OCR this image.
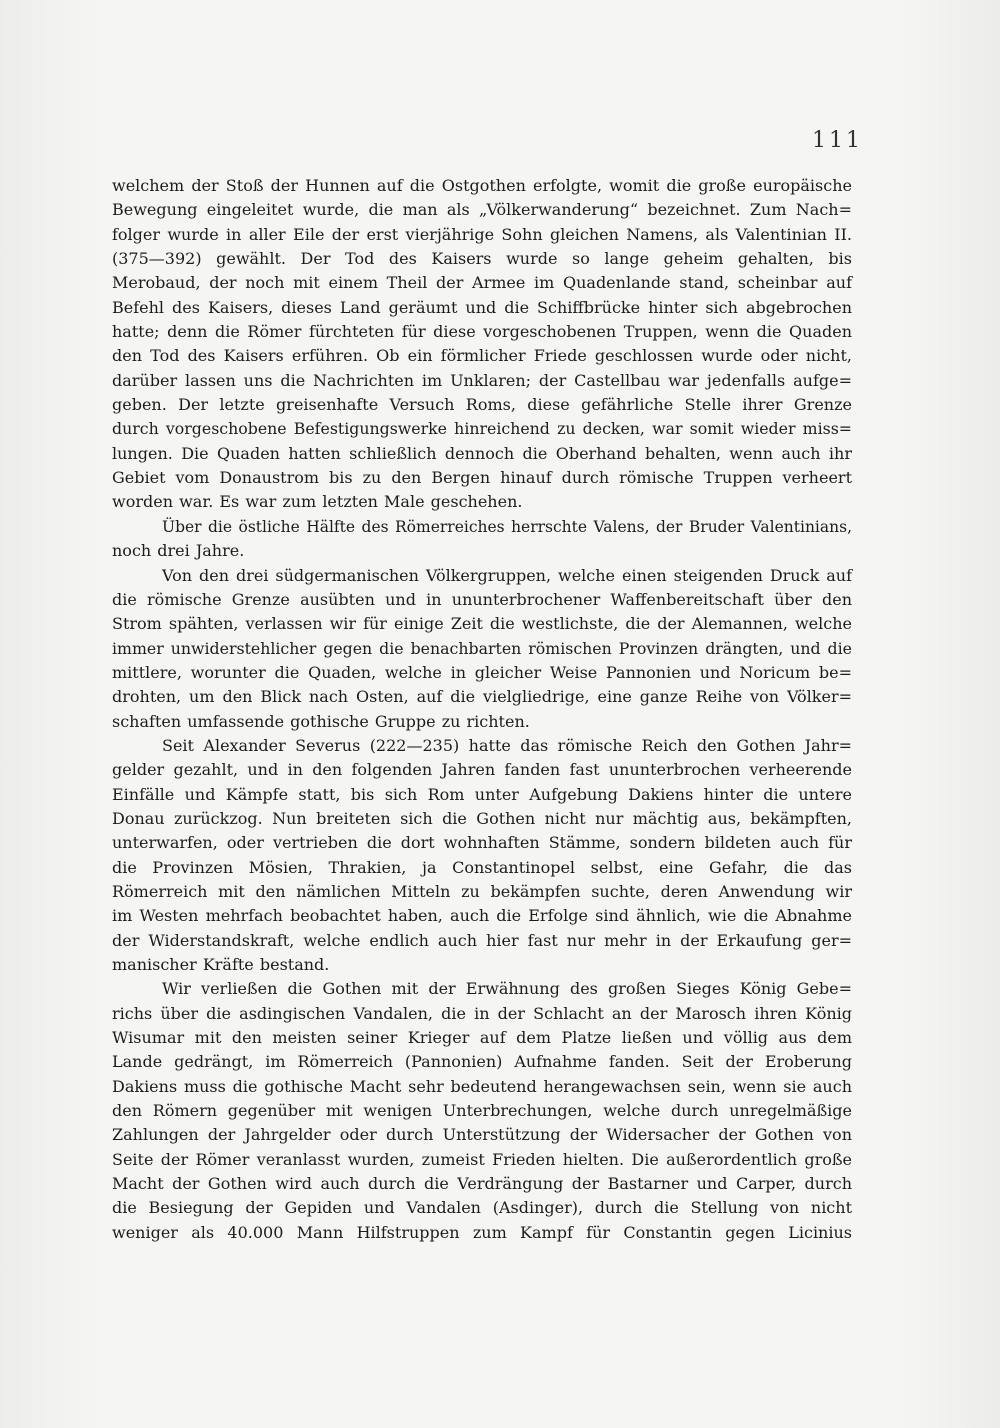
111
welchem der Stoß der Hunnen auf die Ostgothen erfolgte, womit die große europäische
Bewegung eingeleitet wurde, die man als „Völkerwanderung“ bezeichnet. Zum Nach=
folger wurde in aller Eile der erst vierjährige Sohn gleichen Namens, als Valentinian II.
(375—392) gewählt. Der Tod des Kaisers wurde so lange geheim gehalten, bis
Merobaud, der noch mit einem Theil der Armee im Quadenlande stand, scheinbar auf
Befehl des Kaisers, dieses Land geräumt und die Schiffbrücke hinter sich abgebrochen
hatte; denn die Römer fürchteten für diese vorgeschobenen Truppen, wenn die Quaden
den Tod des Kaisers erführen. Ob ein förmlicher Friede geschlossen wurde oder nicht,
darüber lassen uns die Nachrichten im Unklaren; der Castellbau war jedenfalls aufge=
geben. Der letzte greisenhafte Versuch Roms, diese gefährliche Stelle ihrer Grenze
durch vorgeschobene Befestigungswerke hinreichend zu decken, war somit wieder miss=
lungen. Die Quaden hatten schließlich dennoch die Oberhand behalten, wenn auch ihr
Gebiet vom Donaustrom bis zu den Bergen hinauf durch römische Truppen verheert
worden war. Es war zum letzten Male geschehen.
Über die östliche Hälfte des Römerreiches herrschte Valens, der Bruder Valentinians,
noch drei Jahre.
Von den drei südgermanischen Völkergruppen, welche einen steigenden Druck auf
die römische Grenze ausübten und in ununterbrochener Waffenbereitschaft über den
Strom spähten, verlassen wir für einige Zeit die westlichste, die der Alemannen, welche
immer unwiderstehlicher gegen die benachbarten römischen Provinzen drängten, und die
mittlere, worunter die Quaden, welche in gleicher Weise Pannonien und Noricum be=
drohten, um den Blick nach Osten, auf die vielgliedrige, eine ganze Reihe von Völker=
schaften umfassende gothische Gruppe zu richten.
Seit Alexander Severus (222—235) hatte das römische Reich den Gothen Jahr=
gelder gezahlt, und in den folgenden Jahren fanden fast ununterbrochen verheerende
Einfälle und Kämpfe statt, bis sich Rom unter Aufgebung Dakiens hinter die untere
Donau zurückzog. Nun breiteten sich die Gothen nicht nur mächtig aus, bekämpften,
unterwarfen, oder vertrieben die dort wohnhaften Stämme, sondern bildeten auch für
die Provinzen Mösien, Thrakien, ja Constantinopel selbst, eine Gefahr, die das
Römerreich mit den nämlichen Mitteln zu bekämpfen suchte, deren Anwendung wir
im Westen mehrfach beobachtet haben, auch die Erfolge sind ähnlich, wie die Abnahme
der Widerstandskraft, welche endlich auch hier fast nur mehr in der Erkaufung ger=
manischer Kräfte bestand.
Wir verließen die Gothen mit der Erwähnung des großen Sieges König Gebe=
richs über die asdingischen Vandalen, die in der Schlacht an der Marosch ihren König
Wisumar mit den meisten seiner Krieger auf dem Platze ließen und völlig aus dem
Lande gedrängt, im Römerreich (Pannonien) Aufnahme fanden. Seit der Eroberung
Dakiens muss die gothische Macht sehr bedeutend herangewachsen sein, wenn sie auch
den Römern gegenüber mit wenigen Unterbrechungen, welche durch unregelmäßige
Zahlungen der Jahrgelder oder durch Unterstützung der Widersacher der Gothen von
Seite der Römer veranlasst wurden, zumeist Frieden hielten. Die außerordentlich große
Macht der Gothen wird auch durch die Verdrängung der Bastarner und Carper, durch
die Besiegung der Gepiden und Vandalen (Asdinger), durch die Stellung von nicht
weniger als 40.000 Mann Hilfstruppen zum Kampf für Constantin gegen Licinius
